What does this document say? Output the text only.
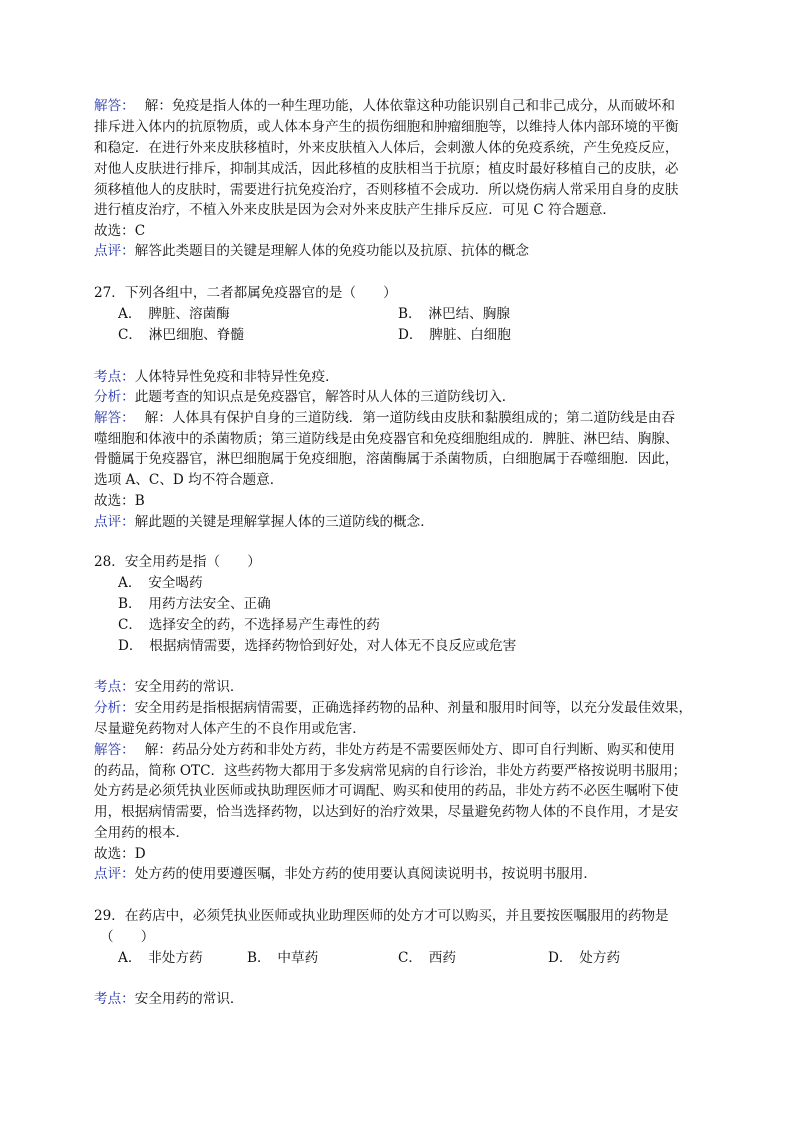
解答： 解：免疫是指人体的一种生理功能，人体依靠这种功能识别自己和非己成分，从而破坏和
排斥进入体内的抗原物质，或人体本身产生的损伤细胞和肿瘤细胞等，以维持人体内部环境的平衡
和稳定．在进行外来皮肤移植时，外来皮肤植入人体后，会刺激人体的免疫系统，产生免疫反应，
对他人皮肤进行排斥，抑制其成活，因此移植的皮肤相当于抗原；植皮时最好移植自己的皮肤，必
须移植他人的皮肤时，需要进行抗免疫治疗，否则移植不会成功．所以烧伤病人常采用自身的皮肤
进行植皮治疗，不植入外来皮肤是因为会对外来皮肤产生排斥反应．可见 C 符合题意．
故选：C
点评：解答此类题目的关键是理解人体的免疫功能以及抗原、抗体的概念
27．下列各组中，二者都属免疫器官的是（　　）
A．　脾脏、溶菌酶	B．　淋巴结、胸腺
C．　淋巴细胞、脊髓	D．　脾脏、白细胞
考点：人体特异性免疫和非特异性免疫．
分析：此题考查的知识点是免疫器官，解答时从人体的三道防线切入．
解答： 解：人体具有保护自身的三道防线．第一道防线由皮肤和黏膜组成的；第二道防线是由吞
噬细胞和体液中的杀菌物质；第三道防线是由免疫器官和免疫细胞组成的．脾脏、淋巴结、胸腺、
骨髓属于免疫器官，淋巴细胞属于免疫细胞，溶菌酶属于杀菌物质，白细胞属于吞噬细胞．因此，
选项 A、C、D 均不符合题意．
故选：B
点评：解此题的关键是理解掌握人体的三道防线的概念．
28．安全用药是指（　　）
A．　安全喝药
B．　用药方法安全、正确
C．　选择安全的药，不选择易产生毒性的药
D．　根据病情需要，选择药物恰到好处，对人体无不良反应或危害
考点：安全用药的常识．
分析：安全用药是指根据病情需要，正确选择药物的品种、剂量和服用时间等，以充分发最佳效果，
尽量避免药物对人体产生的不良作用或危害．
解答： 解：药品分处方药和非处方药，非处方药是不需要医师处方、即可自行判断、购买和使用
的药品，简称 OTC．这些药物大都用于多发病常见病的自行诊治，非处方药要严格按说明书服用；
处方药是必须凭执业医师或执助理医师才可调配、购买和使用的药品，非处方药不必医生嘱咐下使
用，根据病情需要，恰当选择药物，以达到好的治疗效果，尽量避免药物人体的不良作用，才是安
全用药的根本．
故选：D
点评：处方药的使用要遵医嘱，非处方药的使用要认真阅读说明书，按说明书服用．
29．在药店中，必须凭执业医师或执业助理医师的处方才可以购买，并且要按医嘱服用的药物是
（　　）
A．　非处方药	B．　中草药	C．　西药	D．　处方药
考点：安全用药的常识．
